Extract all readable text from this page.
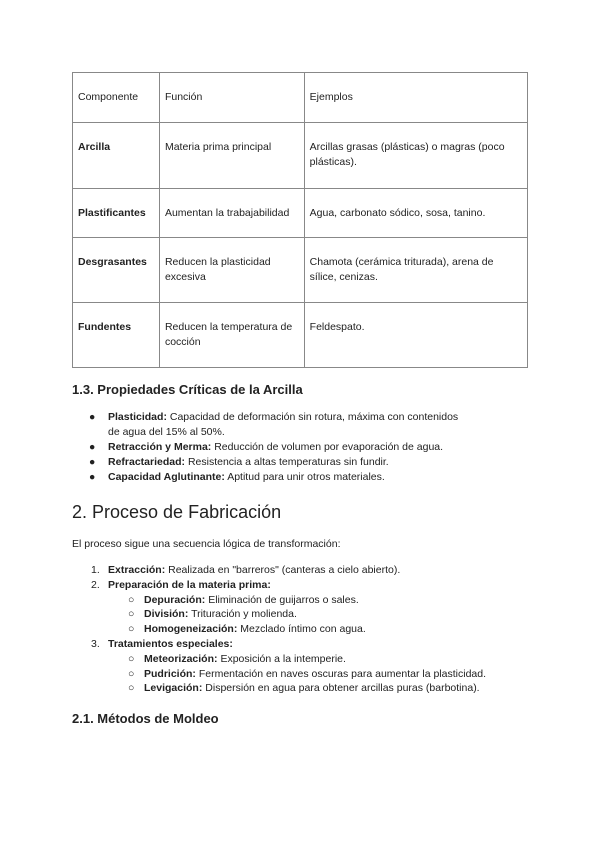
Componente	Función	Ejemplos
Arcilla	Materia prima principal	Arcillas grasas (plásticas) o magras (poco plásticas).
Plastificantes	Aumentan la trabajabilidad	Agua, carbonato sódico, sosa, tanino.
Desgrasantes	Reducen la plasticidad excesiva	Chamota (cerámica triturada), arena de sílice, cenizas.
Fundentes	Reducen la temperatura de cocción	Feldespato.
1.3. Propiedades Críticas de la Arcilla
● Plasticidad: Capacidad de deformación sin rotura, máxima con contenidos de agua del 15% al 50%.
● Retracción y Merma: Reducción de volumen por evaporación de agua.
● Refractariedad: Resistencia a altas temperaturas sin fundir.
● Capacidad Aglutinante: Aptitud para unir otros materiales.
2. Proceso de Fabricación

El proceso sigue una secuencia lógica de transformación:

1. Extracción: Realizada en "barreros" (canteras a cielo abierto).
2. Preparación de la materia prima:
○ Depuración: Eliminación de guijarros o sales.
○ División: Trituración y molienda.
○ Homogeneización: Mezclado íntimo con agua.
3. Tratamientos especiales:
○ Meteorización: Exposición a la intemperie.
○ Pudrición: Fermentación en naves oscuras para aumentar la plasticidad.
○ Levigación: Dispersión en agua para obtener arcillas puras (barbotina).
2.1. Métodos de Moldeo
